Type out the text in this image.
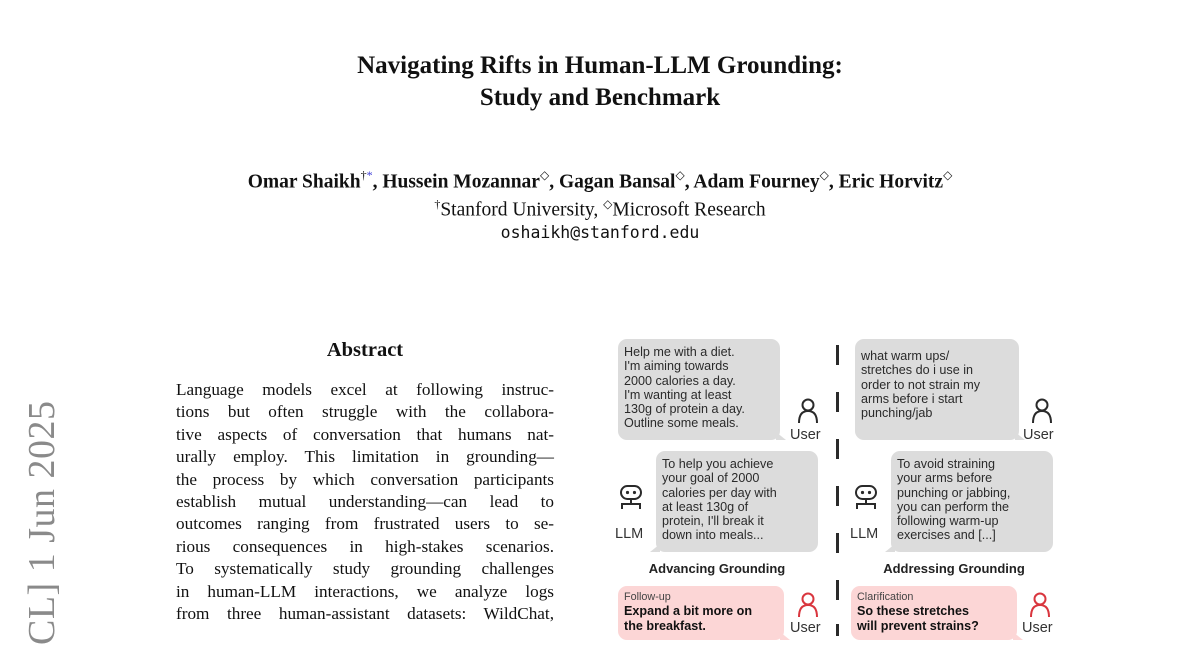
Navigating Rifts in Human-LLM Grounding:
Study and Benchmark
Omar Shaikh†*, Hussein Mozannar◇, Gagan Bansal◇, Adam Fourney◇, Eric Horvitz◇
†Stanford University, ◇Microsoft Research
oshaikh@stanford.edu
CL] 1 Jun 2025
Abstract
Language models excel at following instruc-
tions but often struggle with the collabora-
tive aspects of conversation that humans nat-
urally employ. This limitation in grounding—
the process by which conversation participants
establish mutual understanding—can lead to
outcomes ranging from frustrated users to se-
rious consequences in high-stakes scenarios.
To systematically study grounding challenges
in human-LLM interactions, we analyze logs
from three human-assistant datasets: WildChat,
Help me with a diet.
I'm aiming towards
2000 calories a day.
I'm wanting at least
130g of protein a day.
Outline some meals.
User
To help you achieve
your goal of 2000
calories per day with
at least 130g of
protein, I'll break it
down into meals...
LLM
Advancing Grounding
Follow-up
Expand a bit more on
the breakfast.	User
what warm ups/
stretches do i use in
order to not strain my
arms before i start
punching/jab
User
To avoid straining
your arms before
punching or jabbing,
you can perform the
following warm-up
exercises and [...]
LLM
Addressing Grounding
Clarification
So these stretches
will prevent strains?	User
